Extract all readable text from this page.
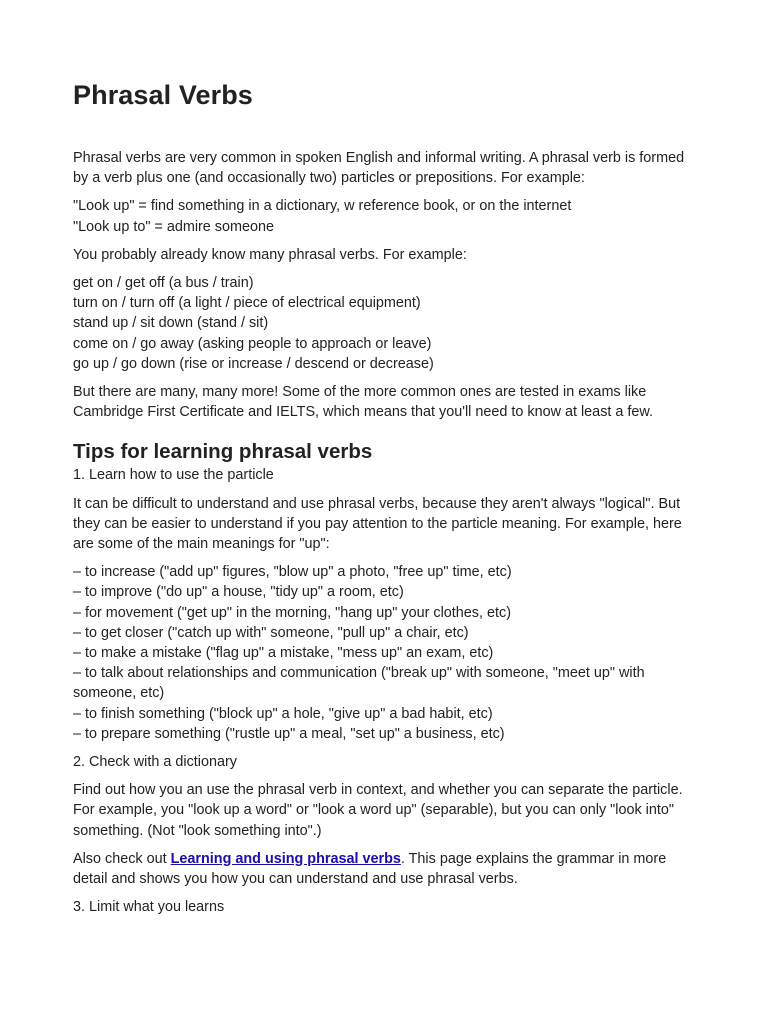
Phrasal Verbs

Phrasal verbs are very common in spoken English and informal writing. A phrasal verb is formed by a verb plus one (and occasionally two) particles or prepositions. For example:

"Look up" = find something in a dictionary, w reference book, or on the internet

"Look up to" = admire someone

You probably already know many phrasal verbs. For example:

get on / get off (a bus / train)

turn on / turn off (a light / piece of electrical equipment)

stand up / sit down (stand / sit)

come on / go away (asking people to approach or leave)

go up / go down (rise or increase / descend or decrease)

But there are many, many more! Some of the more common ones are tested in exams like Cambridge First Certificate and IELTS, which means that you'll need to know at least a few.

Tips for learning phrasal verbs

1. Learn how to use the particle

It can be difficult to understand and use phrasal verbs, because they aren't always "logical". But they can be easier to understand if you pay attention to the particle meaning. For example, here are some of the main meanings for "up":

– to increase ("add up" figures, "blow up" a photo, "free up" time, etc)

– to improve ("do up" a house, "tidy up" a room, etc)

– for movement ("get up" in the morning, "hang up" your clothes, etc)

– to get closer ("catch up with" someone, "pull up" a chair, etc)

– to make a mistake ("flag up" a mistake, "mess up" an exam, etc)

– to talk about relationships and communication ("break up" with someone, "meet up" with someone, etc)

– to finish something ("block up" a hole, "give up" a bad habit, etc)

– to prepare something ("rustle up" a meal, "set up" a business, etc)

2. Check with a dictionary

Find out how you an use the phrasal verb in context, and whether you can separate the particle. For example, you "look up a word" or "look a word up" (separable), but you can only "look into" something. (Not "look something into".)

Also check out Learning and using phrasal verbs. This page explains the grammar in more detail and shows you how you can understand and use phrasal verbs.

3. Limit what you learns
